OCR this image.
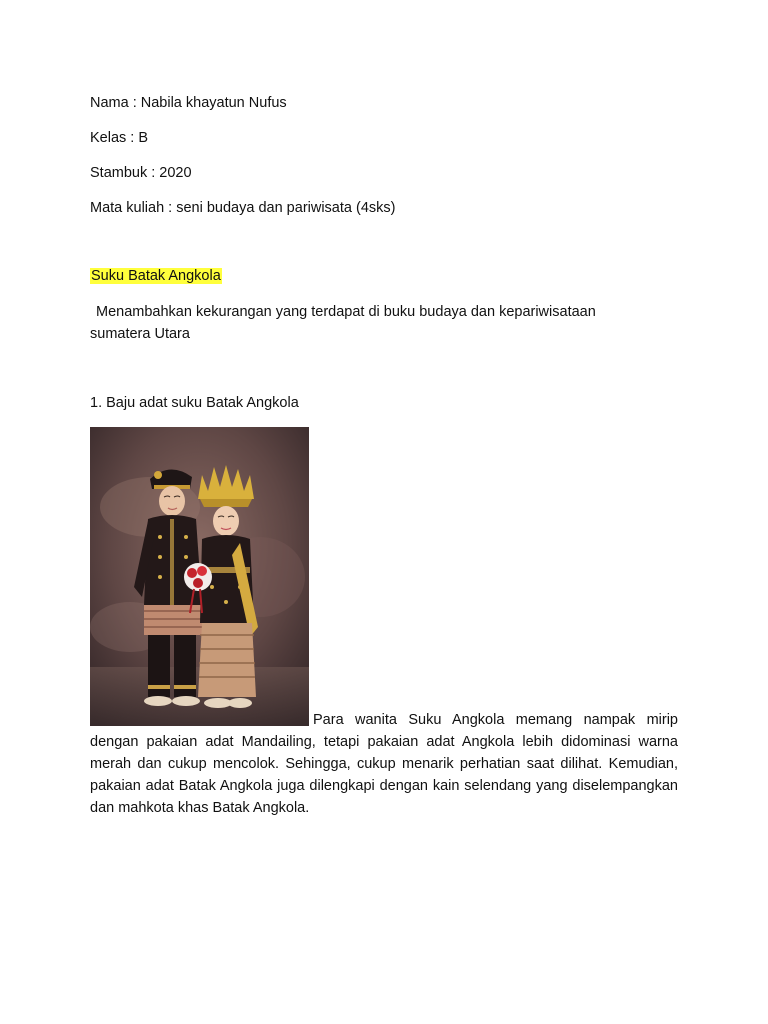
Nama : Nabila khayatun Nufus
Kelas : B
Stambuk : 2020
Mata kuliah : seni budaya dan pariwisata (4sks)
Suku Batak Angkola
Menambahkan kekurangan yang terdapat di buku budaya dan kepariwisataan sumatera Utara
1. Baju adat suku Batak Angkola
Para wanita Suku Angkola memang nampak mirip
dengan pakaian adat Mandailing, tetapi pakaian adat Angkola lebih didominasi warna merah dan cukup mencolok. Sehingga, cukup menarik perhatian saat dilihat. Kemudian, pakaian adat Batak Angkola juga dilengkapi dengan kain selendang yang diselempangkan dan mahkota khas Batak Angkola.
